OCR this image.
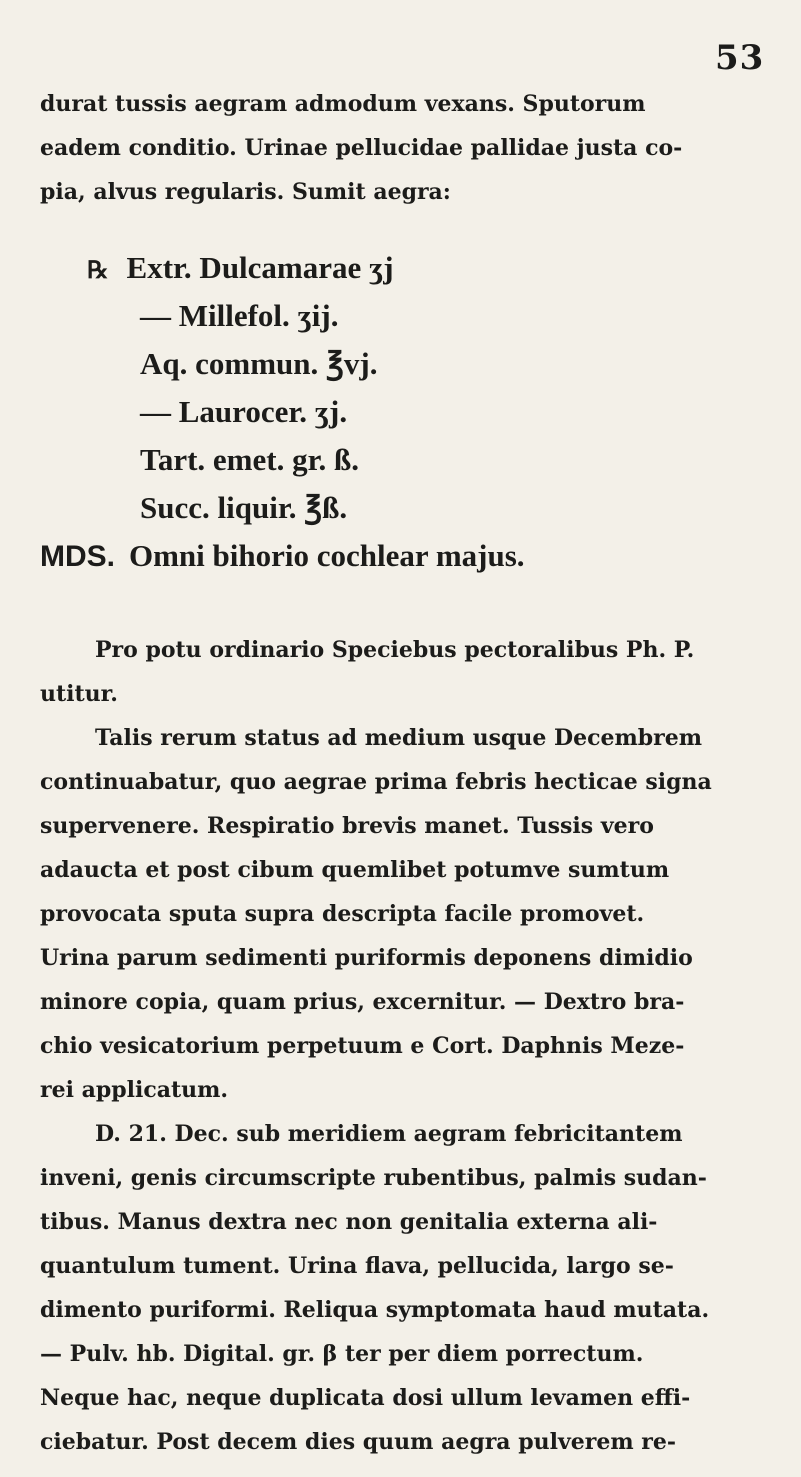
53
durat tussis aegram admodum vexans. Sputorum
eadem conditio. Urinae pellucidae pallidae justa co-
pia, alvus regularis. Sumit aegra:
℞ Extr. Dulcamarae ʒj
— Millefol. ʒij.
Aq. commun. ℥vj.
— Laurocer. ʒj.
Tart. emet. gr. ß.
Succ. liquir. ℥ß.
MDS. Omni bihorio cochlear majus.
Pro potu ordinario Speciebus pectoralibus Ph. P.
utitur.
Talis rerum status ad medium usque Decembrem
continuabatur, quo aegrae prima febris hecticae signa
supervenere. Respiratio brevis manet. Tussis vero
adaucta et post cibum quemlibet potumve sumtum
provocata sputa supra descripta facile promovet.
Urina parum sedimenti puriformis deponens dimidio
minore copia, quam prius, excernitur. — Dextro bra-
chio vesicatorium perpetuum e Cort. Daphnis Meze-
rei applicatum.
D. 21. Dec. sub meridiem aegram febricitantem
inveni, genis circumscripte rubentibus, palmis sudan-
tibus. Manus dextra nec non genitalia externa ali-
quantulum tument. Urina flava, pellucida, largo se-
dimento puriformi. Reliqua symptomata haud mutata.
— Pulv. hb. Digital. gr. β ter per diem porrectum.
Neque hac, neque duplicata dosi ullum levamen effi-
ciebatur. Post decem dies quum aegra pulverem re-
